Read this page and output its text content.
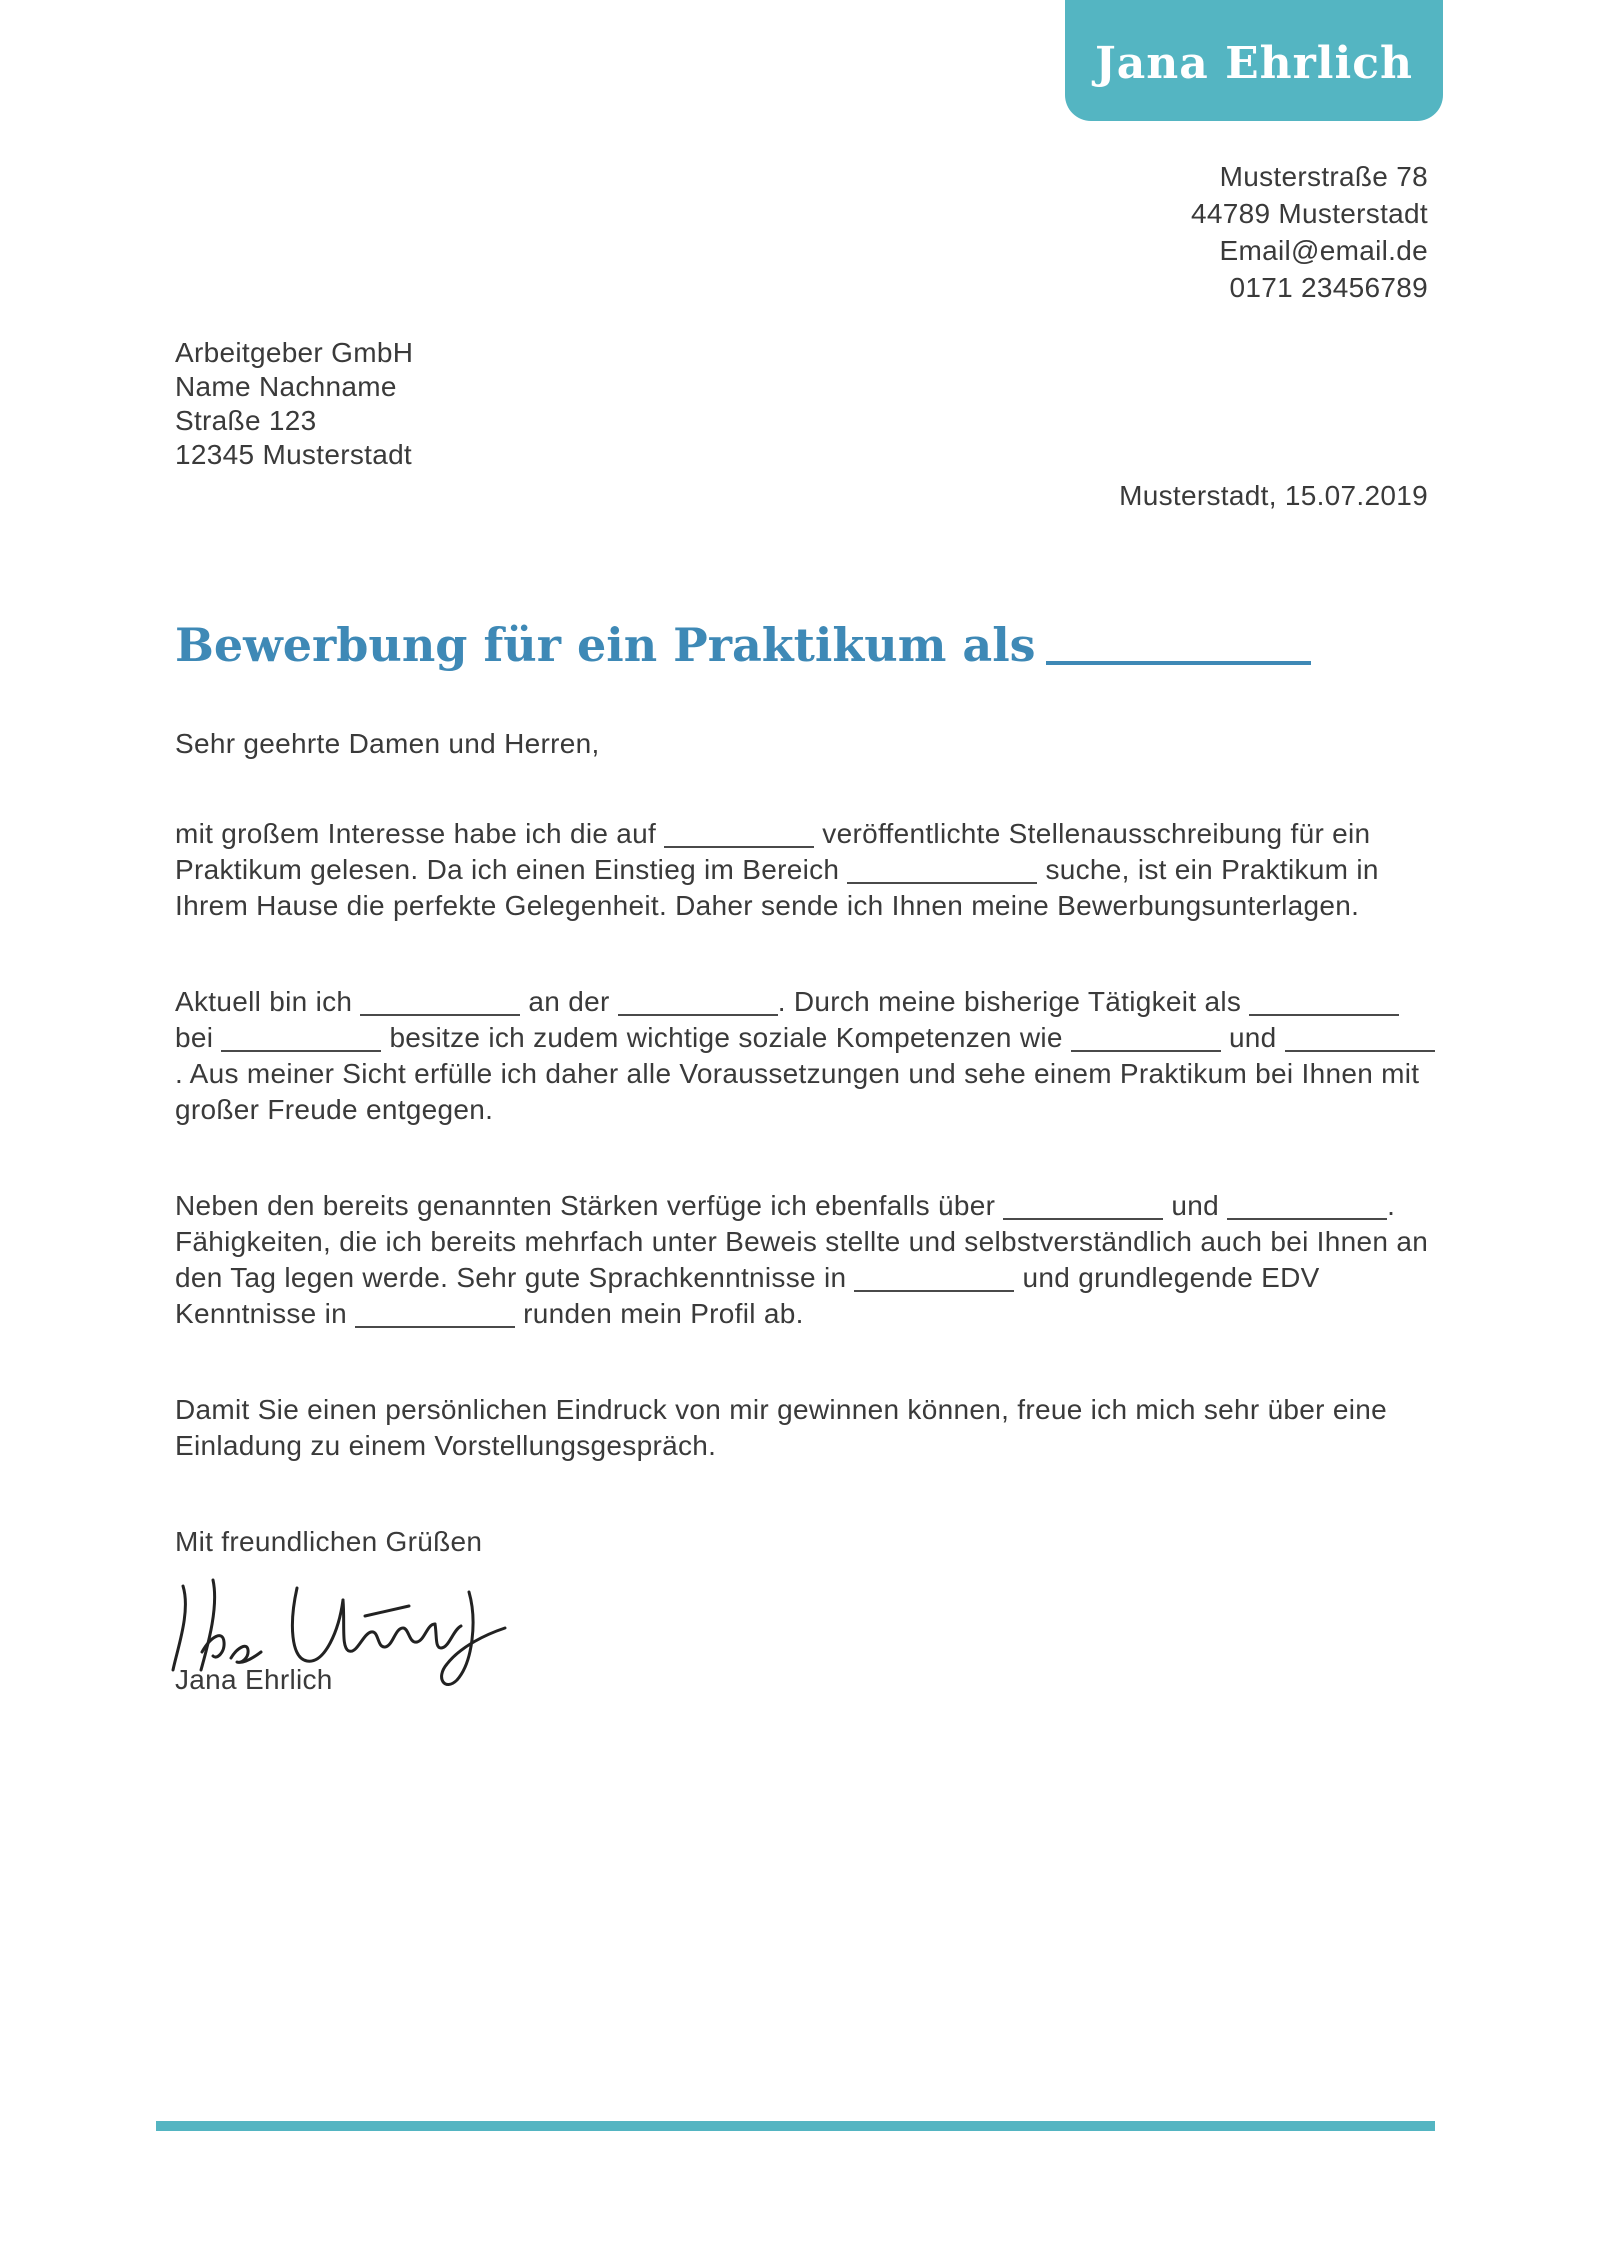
Jana Ehrlich
Musterstraße 78
44789 Musterstadt
Email@email.de
0171 23456789
Arbeitgeber GmbH
Name Nachname
Straße 123
12345 Musterstadt
Musterstadt, 15.07.2019
Bewerbung für ein Praktikum als

Sehr geehrte Damen und Herren,

mit großem Interesse habe ich die auf	veröffentlichte Stellenausschreibung für ein Praktikum gelesen. Da ich einen Einstieg im Bereich	suche, ist ein Praktikum in Ihrem Hause die perfekte Gelegenheit. Daher sende ich Ihnen meine Bewerbungsunterlagen.

Aktuell bin ich	an der	. Durch meine bisherige Tätigkeit als  bei	besitze ich zudem wichtige soziale Kompetenzen wie	und . Aus meiner Sicht erfülle ich daher alle Voraussetzungen und sehe einem Praktikum bei Ihnen mit großer Freude entgegen.

Neben den bereits genannten Stärken verfüge ich ebenfalls über	und	. Fähigkeiten, die ich bereits mehrfach unter Beweis stellte und selbstverständlich auch bei Ihnen an den Tag legen werde. Sehr gute Sprachkenntnisse in	und grundlegende EDV Kenntnisse in	runden mein Profil ab.

Damit Sie einen persönlichen Eindruck von mir gewinnen können, freue ich mich sehr über eine Einladung zu einem Vorstellungsgespräch.

Mit freundlichen Grüßen

Jana Ehrlich
